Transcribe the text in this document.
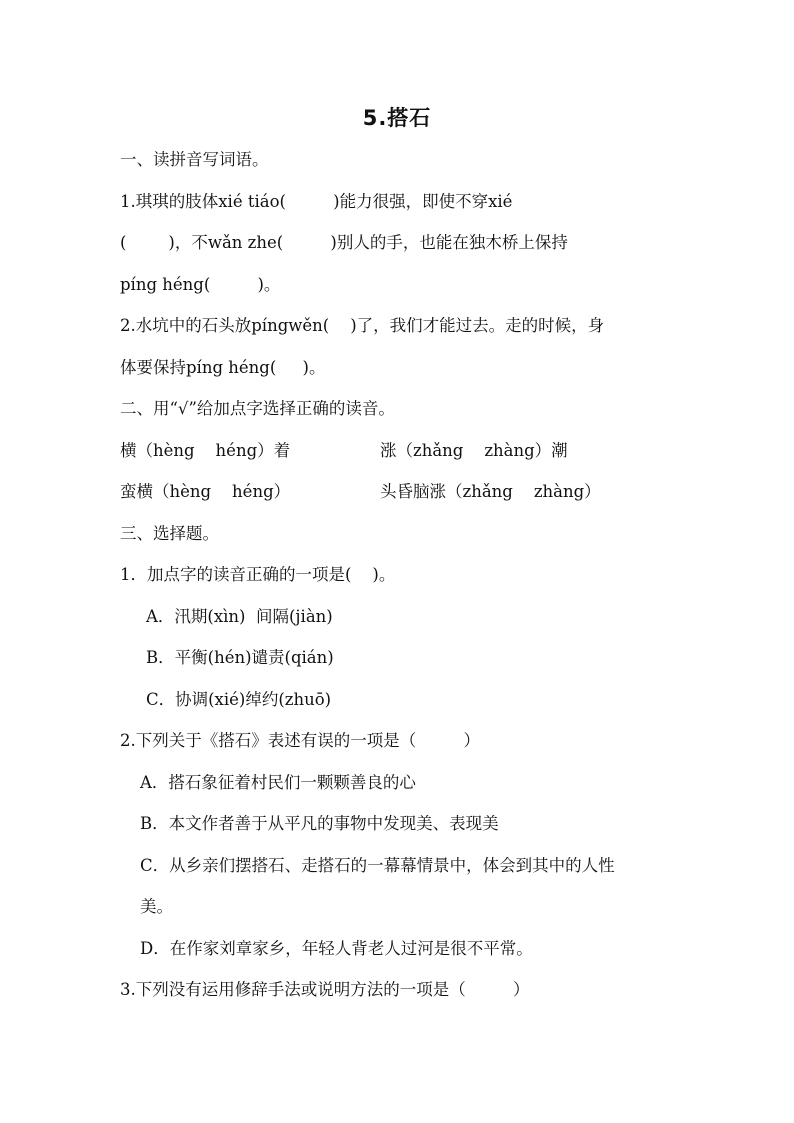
5.搭石
一、读拼音写词语。
1.琪琪的肢体xié tiáo(         )能力很强，即使不穿xié
(        )，不wǎn zhe(         )别人的手，也能在独木桥上保持
píng héng(         )。
2.水坑中的石头放píngwěn(    )了，我们才能过去。走的时候，身
体要保持píng héng(     )。
二、用“√”给加点字选择正确的读音。
横（hèng    héng）着	涨（zhǎng    zhàng）潮
蛮横（hèng    héng）	头昏脑涨（zhǎng    zhàng）
三、选择题。
1．加点字的读音正确的一项是(    )。
A．汛期(xìn)  间隔(jiàn)
B．平衡(hén)谴责(qián)
C．协调(xié)绰约(zhuō)
2.下列关于《搭石》表述有误的一项是（         ）
A．搭石象征着村民们一颗颗善良的心
B．本文作者善于从平凡的事物中发现美、表现美
C．从乡亲们摆搭石、走搭石的一幕幕情景中，体会到其中的人性
美。
D．在作家刘章家乡，年轻人背老人过河是很不平常。
3.下列没有运用修辞手法或说明方法的一项是（         ）
